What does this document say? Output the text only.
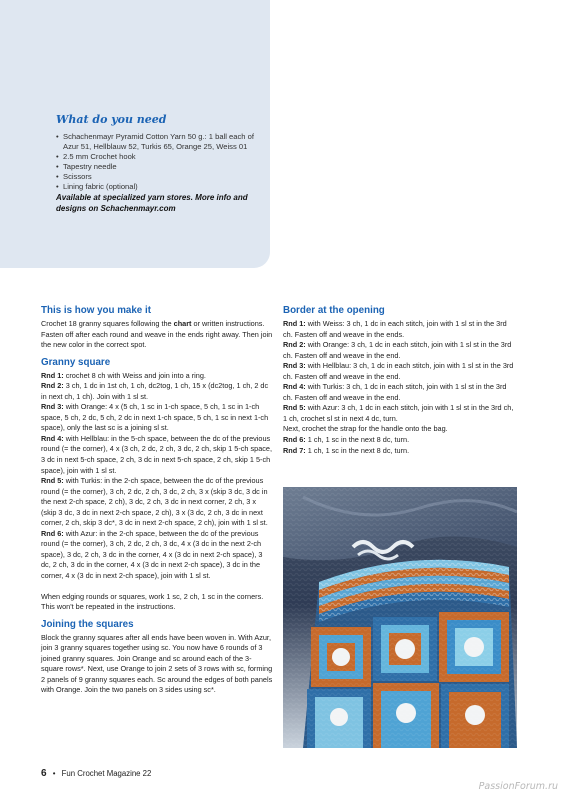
What do you need
• Schachenmayr Pyramid Cotton Yarn 50 g.: 1 ball each of Azur 51, Hellblauw 52, Turkis 65, Orange 25, Weiss 01
• 2.5 mm Crochet hook
• Tapestry needle
• Scissors
• Lining fabric (optional)
Available at specialized yarn stores. More info and designs on Schachenmayr.com
This is how you make it

Crochet 18 granny squares following the chart or written instructions. Fasten off after each round and weave in the ends right away. Then join the new color in the correct spot.

Granny square

Rnd 1: crochet 8 ch with Weiss and join into a ring.

Rnd 2: 3 ch, 1 dc in 1st ch, 1 ch, dc2tog, 1 ch, 15 x (dc2tog, 1 ch, 2 dc in next ch, 1 ch). Join with 1 sl st.

Rnd 3: with Orange: 4 x (5 ch, 1 sc in 1-ch space, 5 ch, 1 sc in 1-ch space, 5 ch, 2 dc, 5 ch, 2 dc in next 1-ch space, 5 ch, 1 sc in next 1-ch space), only the last sc is a joining sl st.

Rnd 4: with Hellblau: in the 5-ch space, between the dc of the previous round (= the corner), 4 x (3 ch, 2 dc, 2 ch, 3 dc, 2 ch, skip 1 5-ch space, 3 dc in next 5-ch space, 2 ch, 3 dc in next 5-ch space, 2 ch, skip 1 5-ch space), join with 1 sl st.

Rnd 5: with Turkis: in the 2-ch space, between the dc of the previous round (= the corner), 3 ch, 2 dc, 2 ch, 3 dc, 2 ch, 3 x (skip 3 dc, 3 dc in the next 2-ch space, 2 ch), 3 dc, 2 ch, 3 dc in next corner, 2 ch, 3 x (skip 3 dc, 3 dc in next 2-ch space, 2 ch), 3 x (3 dc, 2 ch, 3 dc in next corner, 2 ch, skip 3 dc*, 3 dc in next 2-ch space, 2 ch), join with 1 sl st.

Rnd 6: with Azur: in the 2-ch space, between the dc of the previous round (= the corner), 3 ch, 2 dc, 2 ch, 3 dc, 4 x (3 dc in the next 2-ch space), 3 dc, 2 ch, 3 dc in the corner, 4 x (3 dc in next 2-ch space), 3 dc, 2 ch, 3 dc in the corner, 4 x (3 dc in next 2-ch space), 3 dc in the corner, 4 x (3 dc in next 2-ch space), join with 1 sl st.

When edging rounds or squares, work 1 sc, 2 ch, 1 sc in the corners. This won't be repeated in the instructions.

Joining the squares

Block the granny squares after all ends have been woven in. With Azur, join 3 granny squares together using sc. You now have 6 rounds of 3 joined granny squares. Join Orange and sc around each of the 3-square rows*. Next, use Orange to join 2 sets of 3 rows with sc, forming 2 panels of 9 granny squares each. Sc around the edges of both panels with Orange. Join the two panels on 3 sides using sc*.

Border at the opening

Rnd 1: with Weiss: 3 ch, 1 dc in each stitch, join with 1 sl st in the 3rd ch. Fasten off and weave in the ends.

Rnd 2: with Orange: 3 ch, 1 dc in each stitch, join with 1 sl st in the 3rd ch. Fasten off and weave in the end.

Rnd 3: with Hellblau: 3 ch, 1 dc in each stitch, join with 1 sl st in the 3rd ch. Fasten off and weave in the end.

Rnd 4: with Turkis: 3 ch, 1 dc in each stitch, join with 1 sl st in the 3rd ch. Fasten off and weave in the end.

Rnd 5: with Azur: 3 ch, 1 dc in each stitch, join with 1 sl st in the 3rd ch, 1 ch, crochet sl st in next 4 dc, turn.

Next, crochet the strap for the handle onto the bag.

Rnd 6: 1 ch, 1 sc in the next 8 dc, turn.

Rnd 7: 1 ch, 1 sc in the next 8 dc, turn.

6 • Fun Crochet Magazine 22
PassionForum.ru
